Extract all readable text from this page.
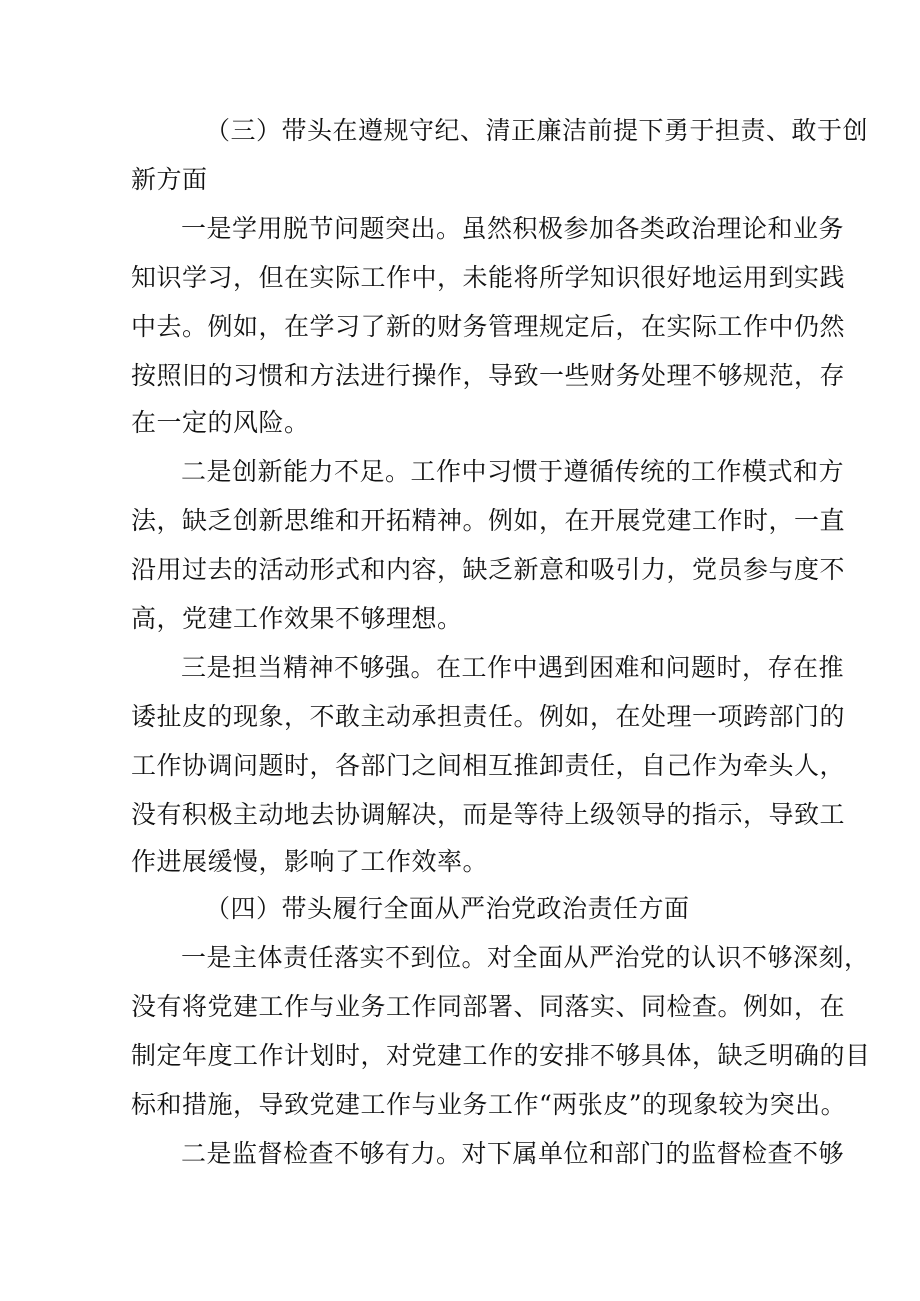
（三）带头在遵规守纪、清正廉洁前提下勇于担责、敢于创
新方面
一是学用脱节问题突出。虽然积极参加各类政治理论和业务
知识学习，但在实际工作中，未能将所学知识很好地运用到实践
中去。例如，在学习了新的财务管理规定后，在实际工作中仍然
按照旧的习惯和方法进行操作，导致一些财务处理不够规范，存
在一定的风险。
二是创新能力不足。工作中习惯于遵循传统的工作模式和方
法，缺乏创新思维和开拓精神。例如，在开展党建工作时，一直
沿用过去的活动形式和内容，缺乏新意和吸引力，党员参与度不
高，党建工作效果不够理想。
三是担当精神不够强。在工作中遇到困难和问题时，存在推
诿扯皮的现象，不敢主动承担责任。例如，在处理一项跨部门的
工作协调问题时，各部门之间相互推卸责任，自己作为牵头人，
没有积极主动地去协调解决，而是等待上级领导的指示，导致工
作进展缓慢，影响了工作效率。
（四）带头履行全面从严治党政治责任方面
一是主体责任落实不到位。对全面从严治党的认识不够深刻，
没有将党建工作与业务工作同部署、同落实、同检查。例如，在
制定年度工作计划时，对党建工作的安排不够具体，缺乏明确的目
标和措施，导致党建工作与业务工作“两张皮”的现象较为突出。
二是监督检查不够有力。对下属单位和部门的监督检查不够
